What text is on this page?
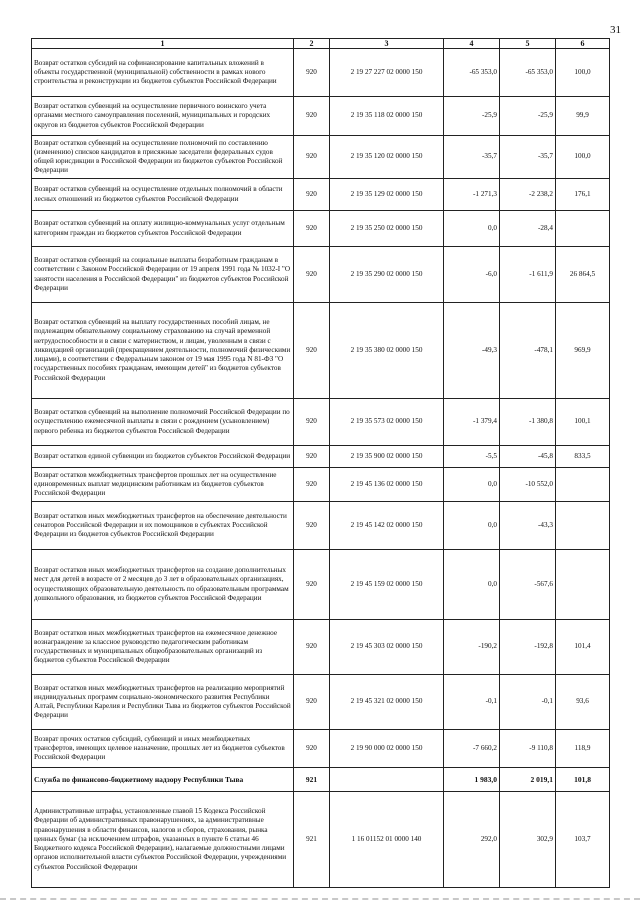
31
1	2	3	4	5	6
Возврат остатков субсидий на софинансирование капитальных вложений в объекты государственной (муниципальной) собственности в рамках нового строительства и реконструкции из бюджетов субъектов Российской Федерации	920	2 19 27 227 02 0000 150	-65 353,0	-65 353,0	100,0
Возврат остатков субвенций на осуществление первичного воинского учета органами местного самоуправления поселений, муниципальных и городских округов из бюджетов субъектов Российской Федерации	920	2 19 35 118 02 0000 150	-25,9	-25,9	99,9
Возврат остатков субвенций на осуществление полномочий по составлению (изменению) списков кандидатов в присяжные заседатели федеральных судов общей юрисдикции в Российской Федерации из бюджетов субъектов Российской Федерации	920	2 19 35 120 02 0000 150	-35,7	-35,7	100,0
Возврат остатков субвенций на осуществление отдельных полномочий в области лесных отношений из бюджетов субъектов Российской Федерации	920	2 19 35 129 02 0000 150	-1 271,3	-2 238,2	176,1
Возврат остатков субвенций на оплату жилищно-коммунальных услуг отдельным категориям граждан из бюджетов субъектов Российской Федерации	920	2 19 35 250 02 0000 150	0,0	-28,4	
Возврат остатков субвенций на социальные выплаты безработным гражданам в соответствии с Законом Российской Федерации от 19 апреля 1991 года № 1032-I "О занятости населения в Российской Федерации" из бюджетов субъектов Российской Федерации	920	2 19 35 290 02 0000 150	-6,0	-1 611,9	26 864,5
Возврат остатков субвенций на выплату государственных пособий лицам, не подлежащим обязательному социальному страхованию на случай временной нетрудоспособности и в связи с материнством, и лицам, уволенным в связи с ликвидацией организаций (прекращением деятельности, полномочий физическими лицами), в соответствии с Федеральным законом от 19 мая 1995 года N 81-ФЗ "О государственных пособиях гражданам, имеющим детей" из бюджетов субъектов Российской Федерации	920	2 19 35 380 02 0000 150	-49,3	-478,1	969,9
Возврат остатков субвенций на выполнение полномочий Российской Федерации по осуществлению ежемесячной выплаты в связи с рождением (усыновлением) первого ребенка из бюджетов субъектов Российской Федерации	920	2 19 35 573 02 0000 150	-1 379,4	-1 380,8	100,1
Возврат остатков единой субвенции из бюджетов субъектов Российской Федерации	920	2 19 35 900 02 0000 150	-5,5	-45,8	833,5
Возврат остатков межбюджетных трансфертов прошлых лет на осуществление единовременных выплат медицинским работникам из бюджетов субъектов Российской Федерации	920	2 19 45 136 02 0000 150	0,0	-10 552,0	
Возврат остатков иных межбюджетных трансфертов на обеспечение деятельности сенаторов Российской Федерации и их помощников в субъектах Российской Федерации из бюджетов субъектов Российской Федерации	920	2 19 45 142 02 0000 150	0,0	-43,3	
Возврат остатков иных межбюджетных трансфертов на создание дополнительных мест для детей в возрасте от 2 месяцев до 3 лет в образовательных организациях, осуществляющих образовательную деятельность по образовательным программам дошкольного образования, из бюджетов субъектов Российской Федерации	920	2 19 45 159 02 0000 150	0,0	-567,6	
Возврат остатков иных межбюджетных трансфертов на ежемесячное денежное вознаграждение за классное руководство педагогическим работникам государственных и муниципальных общеобразовательных организаций из бюджетов субъектов Российской Федерации	920	2 19 45 303 02 0000 150	-190,2	-192,8	101,4
Возврат остатков иных межбюджетных трансфертов на реализацию мероприятий индивидуальных программ социально-экономического развития Республики Алтай, Республики Карелия и Республики Тыва из бюджетов субъектов Российской Федерации	920	2 19 45 321 02 0000 150	-0,1	-0,1	93,6
Возврат прочих остатков субсидий, субвенций и иных межбюджетных трансфертов, имеющих целевое назначение, прошлых лет из бюджетов субъектов Российской Федерации	920	2 19 90 000 02 0000 150	-7 660,2	-9 110,8	118,9
Служба по финансово-бюджетному надзору Республики Тыва	921		1 983,0	2 019,1	101,8
Административные штрафы, установленные главой 15 Кодекса Российской Федерации об административных правонарушениях, за административные правонарушения в области финансов, налогов и сборов, страхования, рынка ценных бумаг (за исключением штрафов, указанных в пункте 6 статьи 46 Бюджетного кодекса Российской Федерации), налагаемые должностными лицами органов исполнительной власти субъектов Российской Федерации, учреждениями субъектов Российской Федерации	921	1 16 01152 01 0000 140	292,0	302,9	103,7
